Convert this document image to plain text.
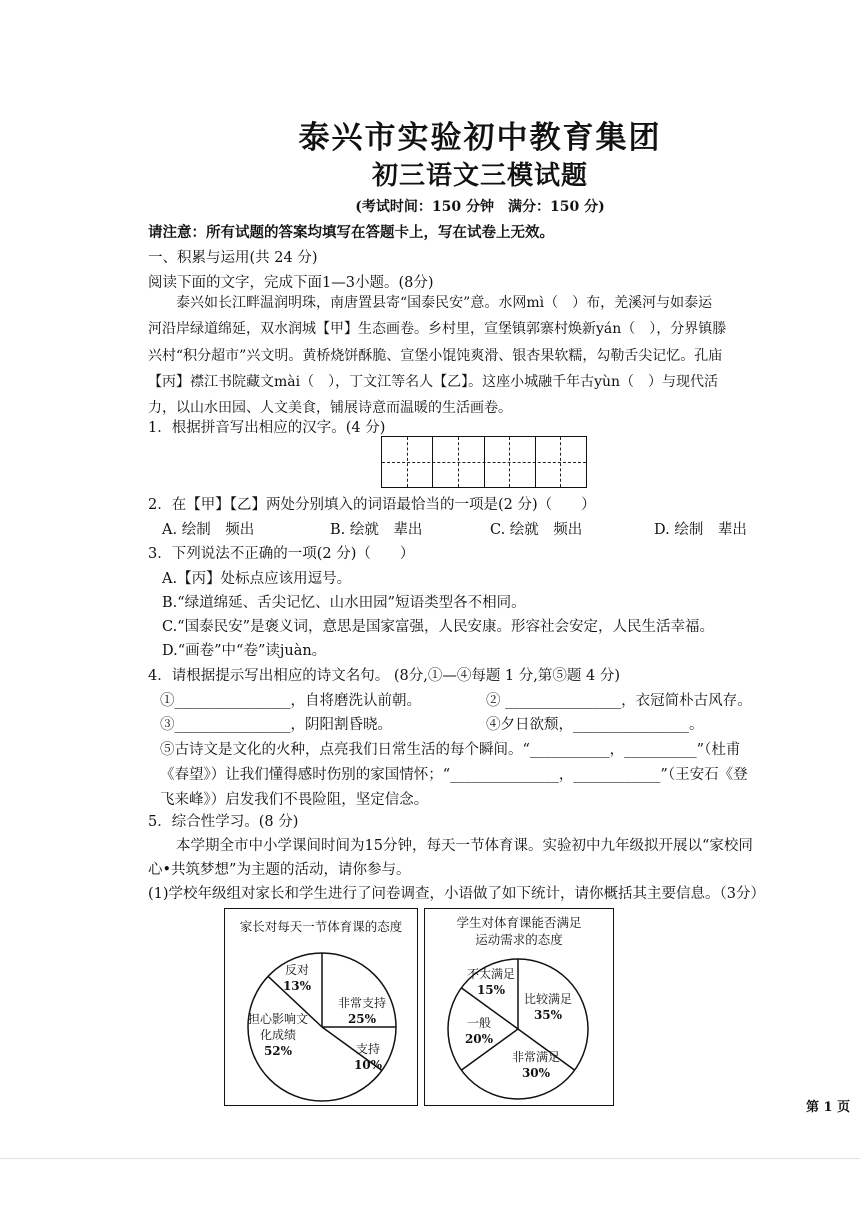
泰兴市实验初中教育集团
初三语文三模试题
(考试时间：150 分钟　满分：150 分)
请注意：所有试题的答案均填写在答题卡上，写在试卷上无效。
一、积累与运用(共 24 分)
阅读下面的文字，完成下面1—3小题。(8分)

泰兴如长江畔温润明珠，南唐置县寄“国泰民安”意。水网mì（　）布，羌溪河与如泰运

河沿岸绿道绵延，双水润城【甲】生态画卷。乡村里，宣堡镇郭寨村焕新yán（　），分界镇滕

兴村“积分超市”兴文明。黄桥烧饼酥脆、宣堡小馄饨爽滑、银杏果软糯，勾勒舌尖记忆。孔庙

【丙】襟江书院藏文mài（　），丁文江等名人【乙】。这座小城融千年古yùn（　）与现代活

力，以山水田园、人文美食，铺展诗意而温暖的生活画卷。

1．根据拼音写出相应的汉字。(4 分)
2．在【甲】【乙】两处分别填入的词语最恰当的一项是(2 分)（　　）
A. 绘制　频出	B. 绘就　辈出	C. 绘就　频出	D. 绘制　辈出
3．下列说法不正确的一项(2 分)（　　）
A.【丙】处标点应该用逗号。
B.“绿道绵延、舌尖记忆、山水田园”短语类型各不相同。
C.“国泰民安”是褒义词，意思是国家富强，人民安康。形容社会安定，人民生活幸福。
D.“画卷”中“卷”读juàn。
4．请根据提示写出相应的诗文名句。 (8分,①—④每题 1 分,第⑤题 4 分)
①________________，自将磨洗认前朝。	② ________________，衣冠简朴古风存。
③________________，阴阳割昏晓。	④夕日欲颓，________________。
⑤古诗文是文化的火种，点亮我们日常生活的每个瞬间。“___________，__________”（杜甫
《春望》）让我们懂得感时伤别的家国情怀；“_______________，____________”（王安石《登
飞来峰》）启发我们不畏险阻，坚定信念。
5．综合性学习。(8 分)
本学期全市中小学课间时间为15分钟，每天一节体育课。实验初中九年级拟开展以“家校同
心•共筑梦想”为主题的活动，请你参与。
(1)学校年级组对家长和学生进行了问卷调查，小语做了如下统计，请你概括其主要信息。（3分）
家长对每天一节体育课的态度
非常支持
25%
支持
10%
担心影响文
化成绩
52%
反对
13%
学生对体育课能否满足
运动需求的态度
比较满足
35%
非常满足
30%
一般
20%
不太满足
15%
第 1 页
